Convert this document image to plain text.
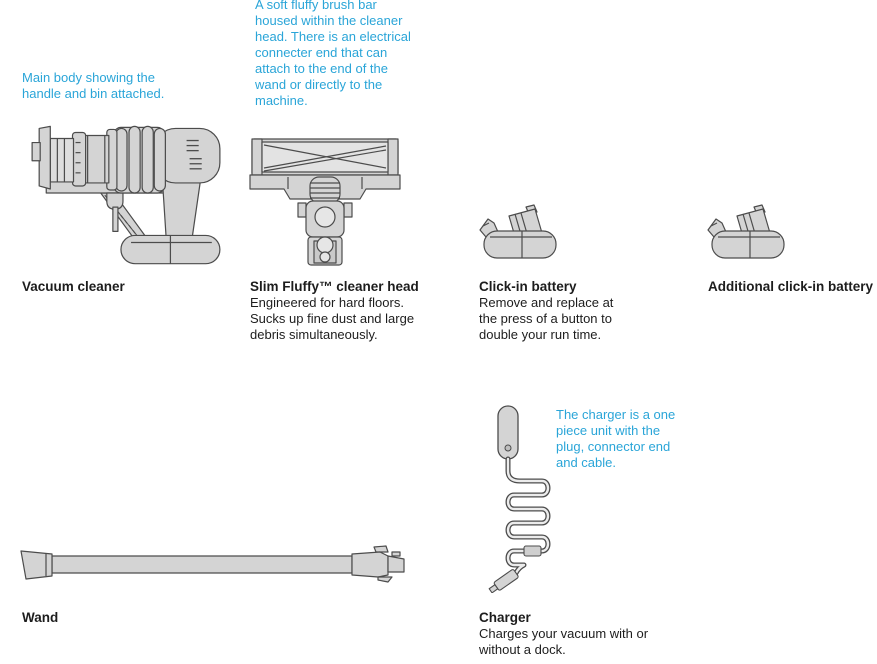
Main body showing the handle and bin attached.

A soft fluffy brush bar housed within the cleaner head. There is an electrical connecter end that can attach to the end of the wand or directly to the machine.

The charger is a one piece unit with the plug, connector end and cable.

Vacuum cleaner	Slim Fluffy™ cleaner head

Engineered for hard floors. Sucks up fine dust and large debris simultaneously.

Click-in battery

Remove and replace at the press of a button to double your run time.

Additional click-in battery
Wand	Charger

Charges your vacuum with or without a dock.
